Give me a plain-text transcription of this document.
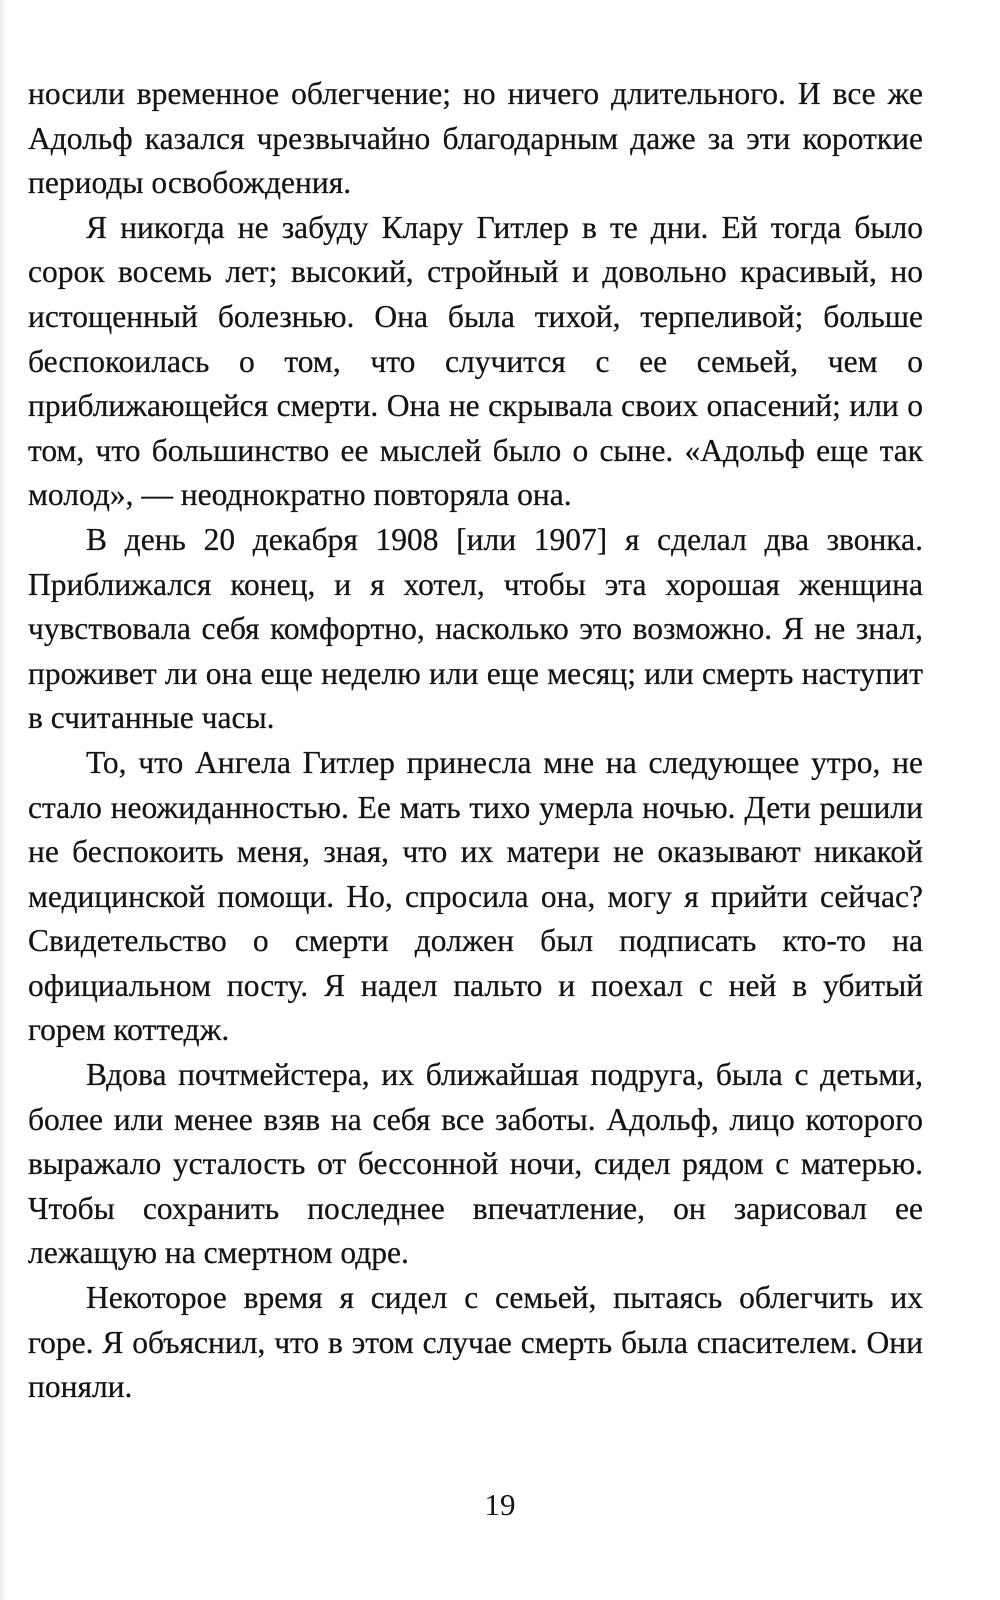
носили временное облегчение; но ничего длительного. И все же Адольф казался чрезвычайно благодарным даже за эти короткие периоды освобождения.

Я никогда не забуду Клару Гитлер в те дни. Ей тогда было сорок восемь лет; высокий, стройный и довольно красивый, но истощенный болезнью. Она была тихой, терпеливой; больше беспокоилась о том, что случится с ее семьей, чем о приближающейся смерти. Она не скрывала своих опасений; или о том, что большинство ее мыслей было о сыне. «Адольф еще так молод», — неоднократно повторяла она.

В день 20 декабря 1908 [или 1907] я сделал два звонка. Приближался конец, и я хотел, чтобы эта хорошая женщина чувствовала себя комфортно, насколько это возможно. Я не знал, проживет ли она еще неделю или еще месяц; или смерть наступит в считанные часы.

То, что Ангела Гитлер принесла мне на следующее утро, не стало неожиданностью. Ее мать тихо умерла ночью. Дети решили не беспокоить меня, зная, что их матери не оказывают никакой медицинской помощи. Но, спросила она, могу я прийти сейчас? Свидетельство о смерти должен был подписать кто-то на официальном посту. Я надел пальто и поехал с ней в убитый горем коттедж.

Вдова почтмейстера, их ближайшая подруга, была с детьми, более или менее взяв на себя все заботы. Адольф, лицо которого выражало усталость от бессонной ночи, сидел рядом с матерью. Чтобы сохранить последнее впечатление, он зарисовал ее лежащую на смертном одре.

Некоторое время я сидел с семьей, пытаясь облегчить их горе. Я объяснил, что в этом случае смерть была спасителем. Они поняли.

19
